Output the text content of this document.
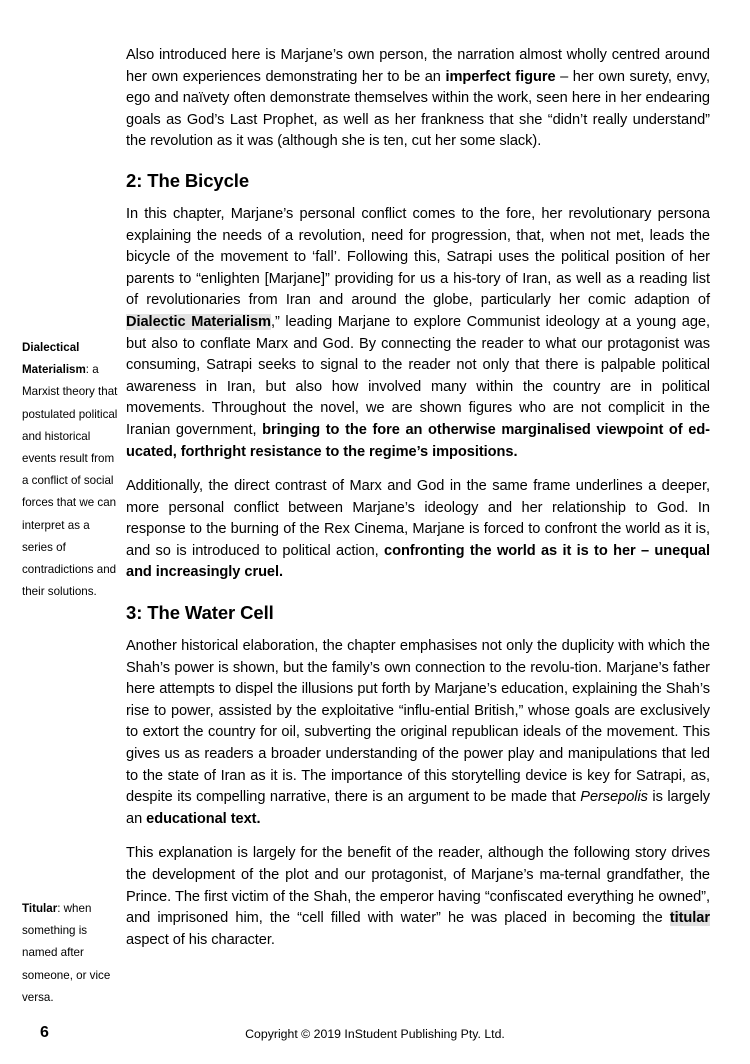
Also introduced here is Marjane’s own person, the narration almost wholly centred around her own experiences demonstrating her to be an imperfect figure – her own surety, envy, ego and naïvety often demonstrate themselves within the work, seen here in her endearing goals as God’s Last Prophet, as well as her frankness that she “didn’t really understand” the revolution as it was (although she is ten, cut her some slack).

2: The Bicycle

In this chapter, Marjane’s personal conflict comes to the fore, her revolutionary persona explaining the needs of a revolution, need for progression, that, when not met, leads the bicycle of the movement to ‘fall’. Following this, Satrapi uses the political position of her parents to “enlighten [Marjane]” providing for us a his-tory of Iran, as well as a reading list of revolutionaries from Iran and around the globe, particularly her comic adaption of Dialectic Materialism,” leading Marjane to explore Communist ideology at a young age, but also to conflate Marx and God. By connecting the reader to what our protagonist was consuming, Satrapi seeks to signal to the reader not only that there is palpable political awareness in Iran, but also how involved many within the country are in political movements. Throughout the novel, we are shown figures who are not complicit in the Iranian government, bringing to the fore an otherwise marginalised viewpoint of ed-ucated, forthright resistance to the regime’s impositions.

Additionally, the direct contrast of Marx and God in the same frame underlines a deeper, more personal conflict between Marjane’s ideology and her relationship to God. In response to the burning of the Rex Cinema, Marjane is forced to confront the world as it is, and so is introduced to political action, confronting the world as it is to her – unequal and increasingly cruel.

3: The Water Cell

Another historical elaboration, the chapter emphasises not only the duplicity with which the Shah’s power is shown, but the family’s own connection to the revolu-tion. Marjane’s father here attempts to dispel the illusions put forth by Marjane’s education, explaining the Shah’s rise to power, assisted by the exploitative “influ-ential British,” whose goals are exclusively to extort the country for oil, subverting the original republican ideals of the movement. This gives us as readers a broader understanding of the power play and manipulations that led to the state of Iran as it is. The importance of this storytelling device is key for Satrapi, as, despite its compelling narrative, there is an argument to be made that Persepolis is largely an educational text.

This explanation is largely for the benefit of the reader, although the following story drives the development of the plot and our protagonist, of Marjane’s ma-ternal grandfather, the Prince. The first victim of the Shah, the emperor having “confiscated everything he owned”, and imprisoned him, the “cell filled with water” he was placed in becoming the titular aspect of his character.

Dialectical Materialism: a Marxist theory that postulated political and historical events result from a conflict of social forces that we can interpret as a series of contradictions and their solutions.
Titular: when something is named after someone, or vice versa.
6	Copyright © 2019 InStudent Publishing Pty. Ltd.
